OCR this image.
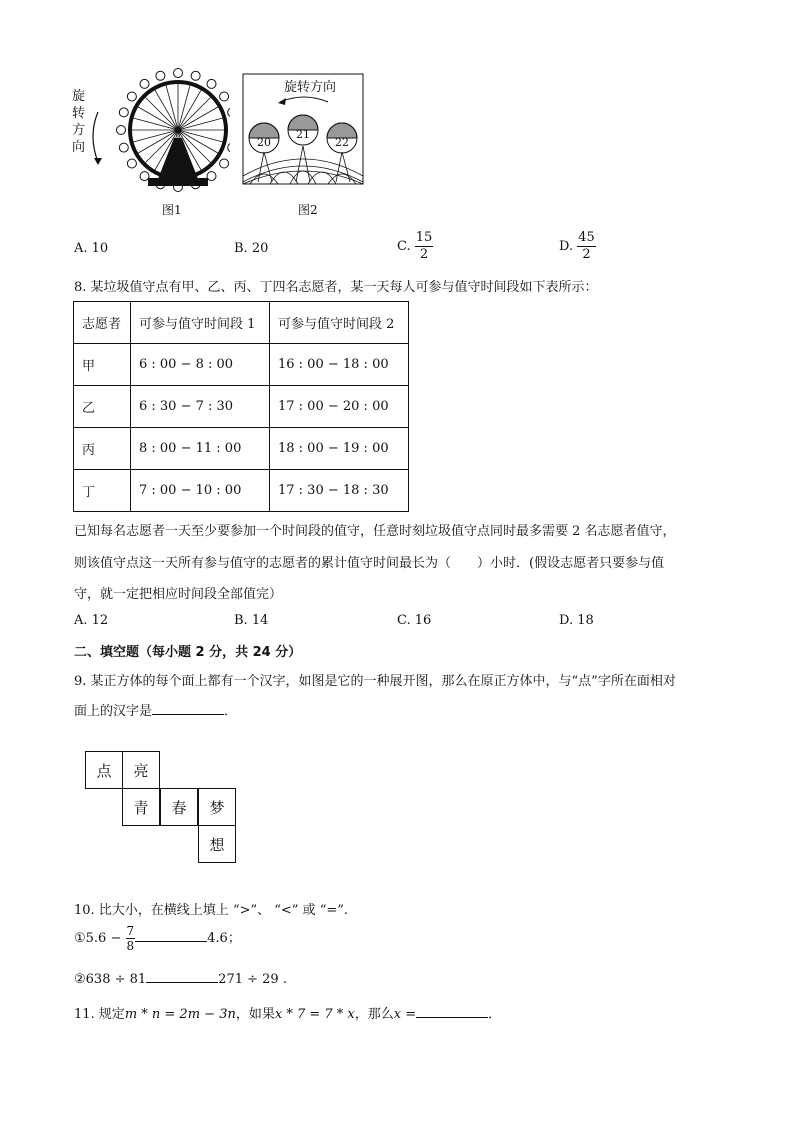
旋
转
方
向
旋转方向
20
21
22
图1	图2
A. 10	B. 20	C. $\frac{15}{2}$	D. $\frac{45}{2}$
8. 某垃圾值守点有甲、乙、丙、丁四名志愿者，某一天每人可参与值守时间段如下表所示：
志愿者	可参与值守时间段 1	可参与值守时间段 2
甲	6 : 00 − 8 : 00	16 : 00 − 18 : 00
乙	6 : 30 − 7 : 30	17 : 00 − 20 : 00
丙	8 : 00 − 11 : 00	18 : 00 − 19 : 00
丁	7 : 00 − 10 : 00	17 : 30 − 18 : 30
已知每名志愿者一天至少要参加一个时间段的值守，任意时刻垃圾值守点同时最多需要 2 名志愿者值守，
则该值守点这一天所有参与值守的志愿者的累计值守时间最长为（　　）小时．(假设志愿者只要参与值
守，就一定把相应时间段全部值完）
A. 12	B. 14	C. 16	D. 18
二、填空题（每小题 2 分，共 24 分）
9. 某正方体的每个面上都有一个汉字，如图是它的一种展开图，那么在原正方体中，与“点”字所在面相对
面上的汉字是	．
点	亮
青	春	梦
想
10. 比大小，在横线上填上 “>”、 “<” 或 “=”.
①5.6 − $\frac{7}{8}$	4.6；
②638 ÷ 81	271 ÷ 29 .
11. 规定m * n = 2m − 3n，如果x * 7 = 7 * x，那么x =	．
